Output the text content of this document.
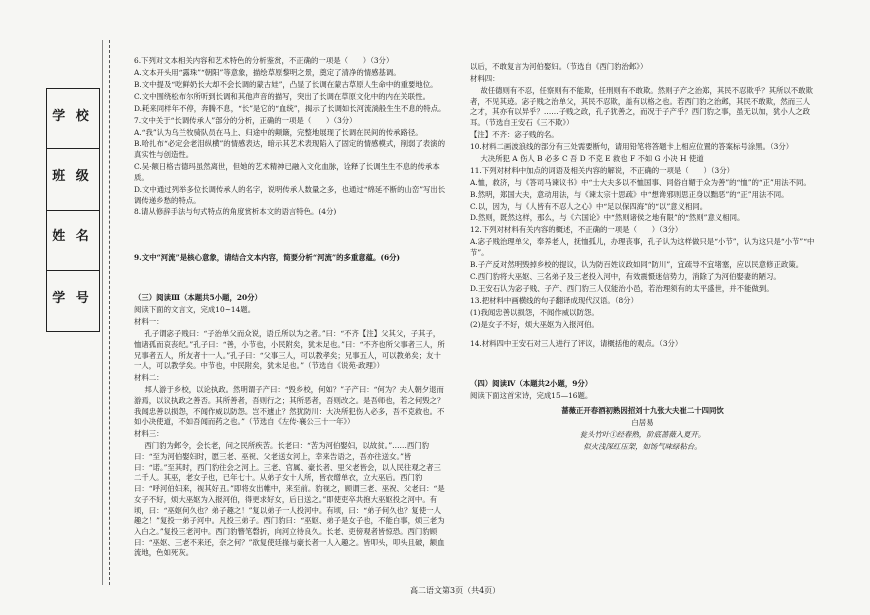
学 校
班 级
姓 名
学 号

6.下列对文本相关内容和艺术特色的分析鉴赏，不正确的一项是（　　）（3分）

A.文本开头用“露珠”“朝阳”等意象，描绘草原黎明之景，奠定了清净的情感基调。

B.文中提及“吃鲜奶长大却不会长调的蒙古娃”，凸显了长调在蒙古草原人生命中的重要地位。

C.文中围绕松布尔所听到长调和其他声音的描写，突出了长调在草原文化中的内在关联性。

D.耗来同样年不停，奔腾不息，“长”是它的“血统”，揭示了长调如长河流淌般生生不息的特点。

7.文中关于“长调传承人”部分的分析，正确的一项是（　　）（3分）

A.“我”认为乌兰牧骑队员在马上、归途中的颠簸，完整地展现了长调在民间的传承路径。

B.哈扎布“必定会老泪纵横”的情感表达，暗示其艺术表现陷入了固定的情感模式，削弱了表演的真实性与创造性。

C.吴·额日格吉德玛虽然离世，但她的艺术精神已融入文化血脉，诠释了长调生生不息的传承本质。

D.文中通过列举多位长调传承人的名字，说明传承人数量之多，也通过“绵延不断的山峦”写出长调传递乡愁的特点。

8.请从修辞手法与句式特点的角度赏析本文的语言特色。(4分)

9.文中“河流”是核心意象，请结合文本内容，简要分析“河流”的多重意蕴。(6分)

（三）阅读Ⅲ（本题共5小题，20分）

阅读下面的文言文，完成10~14题。

材料一：

孔子谓宓子贱曰：“子治单父而众说，语丘所以为之者。”曰：“不齐【注】父其父，子其子，恤诸孤而哀丧纪。”孔子曰：“善，小节也，小民附矣，犹未足也。”曰：“不齐也所父事者三人，所兄事者五人，所友者十一人。”孔子曰：“父事三人，可以教孝矣；兄事五人，可以教弟矣；友十一人，可以教学矣。中节也，中民附矣，犹未足也。”（节选自《说苑·政理》）

材料二：

邦人游于乡校，以论执政。然明谓子产曰：“毁乡校，何如？”子产曰：“何为？夫人朝夕退而游焉，以议执政之善否。其所善者，吾则行之；其所恶者，吾则改之。是吾师也，若之何毁之？我闻忠善以损怨，不闻作威以防怨。岂不遽止？然犹防川：大决所犯伤人必多，吾不克救也。不如小决使道，不如吾闻而药之也。”（节选自《左传·襄公三十一年》）

材料三：

西门豹为邺令，会长老，问之民所疾苦。长老曰：“苦为河伯娶妇，以故贫。”……西门豹曰：“至为河伯娶妇时，愿三老、巫祝、父老送女河上，幸来告语之，吾亦往送女。”皆曰：“诺。”至其时，西门豹往会之河上。三老、官属、豪长者、里父老皆会，以人民往观之者三二千人。其巫，老女子也，已年七十。从弟子女十人所，皆衣缯单衣，立大巫后。西门豹曰：“呼河伯妇来，视其好丑。”即将女出帷中，来至前。豹视之，顾谓三老、巫祝、父老曰：“是女子不好，烦大巫妪为入报河伯，得更求好女，后日送之。”即使吏卒共抱大巫妪投之河中。有顷，曰：“巫妪何久也？弟子趣之！”复以弟子一人投河中。有顷，曰：“弟子何久也？复使一人趣之！”复投一弟子河中。凡投三弟子。西门豹曰：“巫妪、弟子是女子也，不能白事，烦三老为入白之。”复投三老河中。西门豹簪笔磬折，向河立待良久。长老、吏傍观者皆惊恐。西门豹顾曰：“巫妪、三老不来还，奈之何？”欲复使廷掾与豪长者一人入趣之。皆叩头，叩头且破，额血流地，色如死灰。

以后，不敢复言为河伯娶妇。（节选自《西门豹治邺》）

材料四：

故任德则有不忍，任察则有不能欺，任刑则有不敢欺。然则子产之治郑，其民不忍欺乎？其所以不敢欺者，不见其迹。宓子贱之治单父，其民不忍欺，盖有以格之也。若西门豹之治邺，其民不敢欺，然而三人之才，其亦有以异乎？……子贱之政，孔子犹善之，而况于子产乎？西门豹之事，虽无以加，犹小人之政耳。（节选自王安石《三不欺》）

【注】不齐：宓子贱的名。

10.材料二画波浪线的部分有三处需要断句，请用铅笔将答题卡上相应位置的答案标号涂黑。（3分）

大决所犯 A 伤人 B 必多 C 吾 D 不克 E 救也 F 不如 G 小决 H 使道

11.下列对材料中加点的词语及相关内容的解说，不正确的一项是（　　）（3分）

A.恤，救济，与《答司马谏议书》中“士大夫多以不恤国事、同俗自媚于众为善”的“恤”的“正”用法不同。

B.然明，郑国大夫，意动用法，与《谏太宗十思疏》中“想谗邪则思正身以黜恶”的“正”用法不同。

C.以，因为，与《人皆有不忍人之心》中“足以保四海”的“以”意义相同。

D.然则，既然这样，那么，与《六国论》中“然则诸侯之地有限”的“然则”意义相同。

12.下列对材料有关内容的概述，不正确的一项是（　　）（3分）

A.宓子贱治理单父，奉养老人，抚恤孤儿，办理丧事，孔子认为这样做只是“小节”，认为这只是“小节”“中节”。

B.子产反对然明毁掉乡校的提议，认为防百姓议政如同“防川”，宜疏导不宜堵塞，应以民意修正政策。

C.西门豹将大巫妪、三名弟子及三老投入河中，有效震慑迷信势力，消除了为河伯娶妻的陋习。

D.王安石认为宓子贱、子产、西门豹三人仅能治小邑，若治理须有的太平盛世，并不能做到。

13.把材料中画横线的句子翻译成现代汉语。（8分）

(1)我闻忠善以损怨，不闻作威以防怨。

(2)是女子不好，烦大巫妪为入报河伯。

14.材料四中王安石对三人进行了评议，请概括他的观点。（3分）

（四）阅读Ⅳ（本题共2小题，9分）

阅读下面这首宋诗，完成15—16题。

蔷薇正开春酒初熟因招刘十九张大夫崔二十四同饮

白居易

瓮头竹叶①经春熟，阶底蔷薇入夏开。

似火浅深红压架，如饧气味绿粘台。

高二语文第3页（共4页）
